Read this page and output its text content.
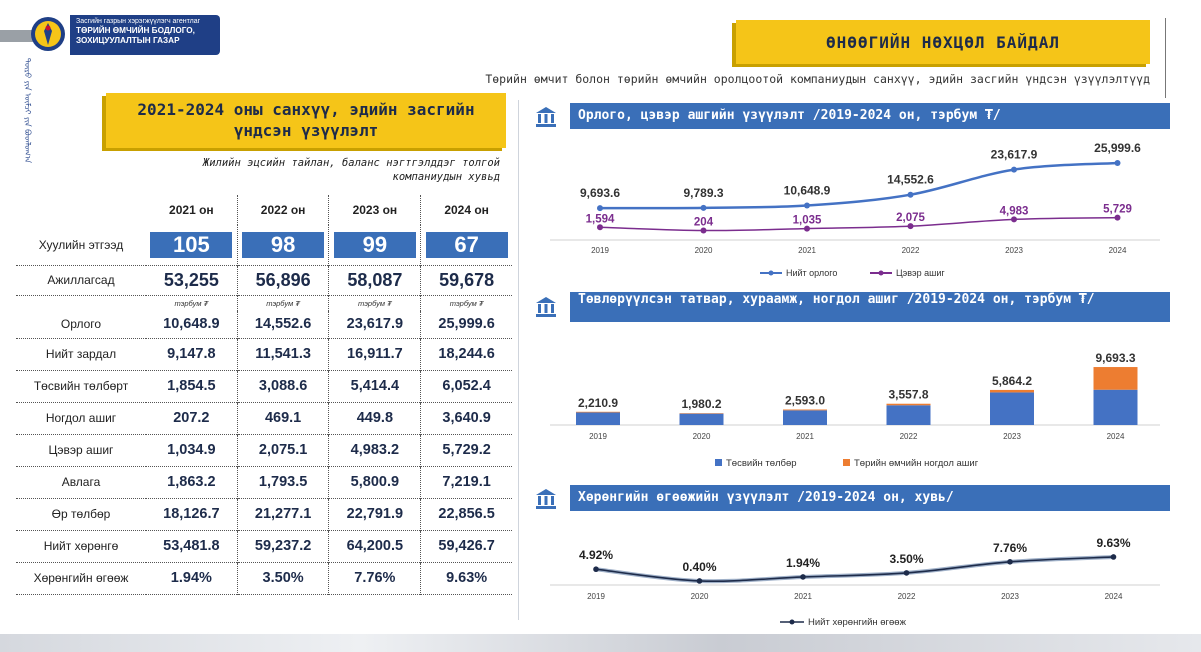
Засгийн газрын хэрэгжүүлэгч агентлаг
ТӨРИЙН ӨМЧИЙН БОДЛОГО,
ЗОХИЦУУЛАЛТЫН ГАЗАР
ᠲᠥᠷᠦ ᠶᠢᠨ ᠥᠮᠴᠢ ᠶᠢᠨ ᠪᠣᠳᠯᠣᠭ᠎ᠠ
ӨНӨӨГИЙН НӨХЦӨЛ БАЙДАЛ
Төрийн өмчит болон төрийн өмчийн оролцоотой компаниудын санхүү, эдийн засгийн үндсэн үзүүлэлтүүд
2021-2024 оны санхүү, эдийн засгийн
үндсэн үзүүлэлт
Жилийн эцсийн тайлан, баланс нэгтгэлддэг толгой
компаниудын хувьд
	2021 он	2022 он	2023 он	2024 он
Хуулийн этгээд	105	98	99	67
Ажиллагсад	53,255	56,896	58,087	59,678
	тэрбум ₮	тэрбум ₮	тэрбум ₮	тэрбум ₮
Орлого	10,648.9	14,552.6	23,617.9	25,999.6
Нийт зардал	9,147.8	11,541.3	16,911.7	18,244.6
Төсвийн төлбөрт	1,854.5	3,088.6	5,414.4	6,052.4
Ногдол ашиг	207.2	469.1	449.8	3,640.9
Цэвэр ашиг	1,034.9	2,075.1	4,983.2	5,729.2
Авлага	1,863.2	1,793.5	5,800.9	7,219.1
Өр төлбөр	18,126.7	21,277.1	22,791.9	22,856.5
Нийт хөрөнгө	53,481.8	59,237.2	64,200.5	59,426.7
Хөрөнгийн өгөөж	1.94%	3.50%	7.76%	9.63%
Орлого, цэвэр ашгийн үзүүлэлт /2019-2024 он, тэрбум ₮/
2019	2020	2021	2022	2023	2024
9,693.6	9,789.3	10,648.9
14,552.6
23,617.9	25,999.6
1,594	204	1,035	2,075
4,983	5,729
Нийт орлого	Цэвэр ашиг
Төвлөрүүлсэн татвар, хураамж, ногдол ашиг /2019-2024 он, тэрбум ₮/
2,210.9
2019
1,980.2
2020
2,593.0
2021
3,557.8
2022
5,864.2
2023
9,693.3
2024
Төсвийн төлбөр	Төрийн өмчийн ногдол ашиг
Хөрөнгийн өгөөжийн үзүүлэлт /2019-2024 он, хувь/
2019	2020	2021	2022	2023	2024
4.92%
0.40%	1.94%	3.50%
7.76%	9.63%
Нийт хөрөнгийн өгөөж
